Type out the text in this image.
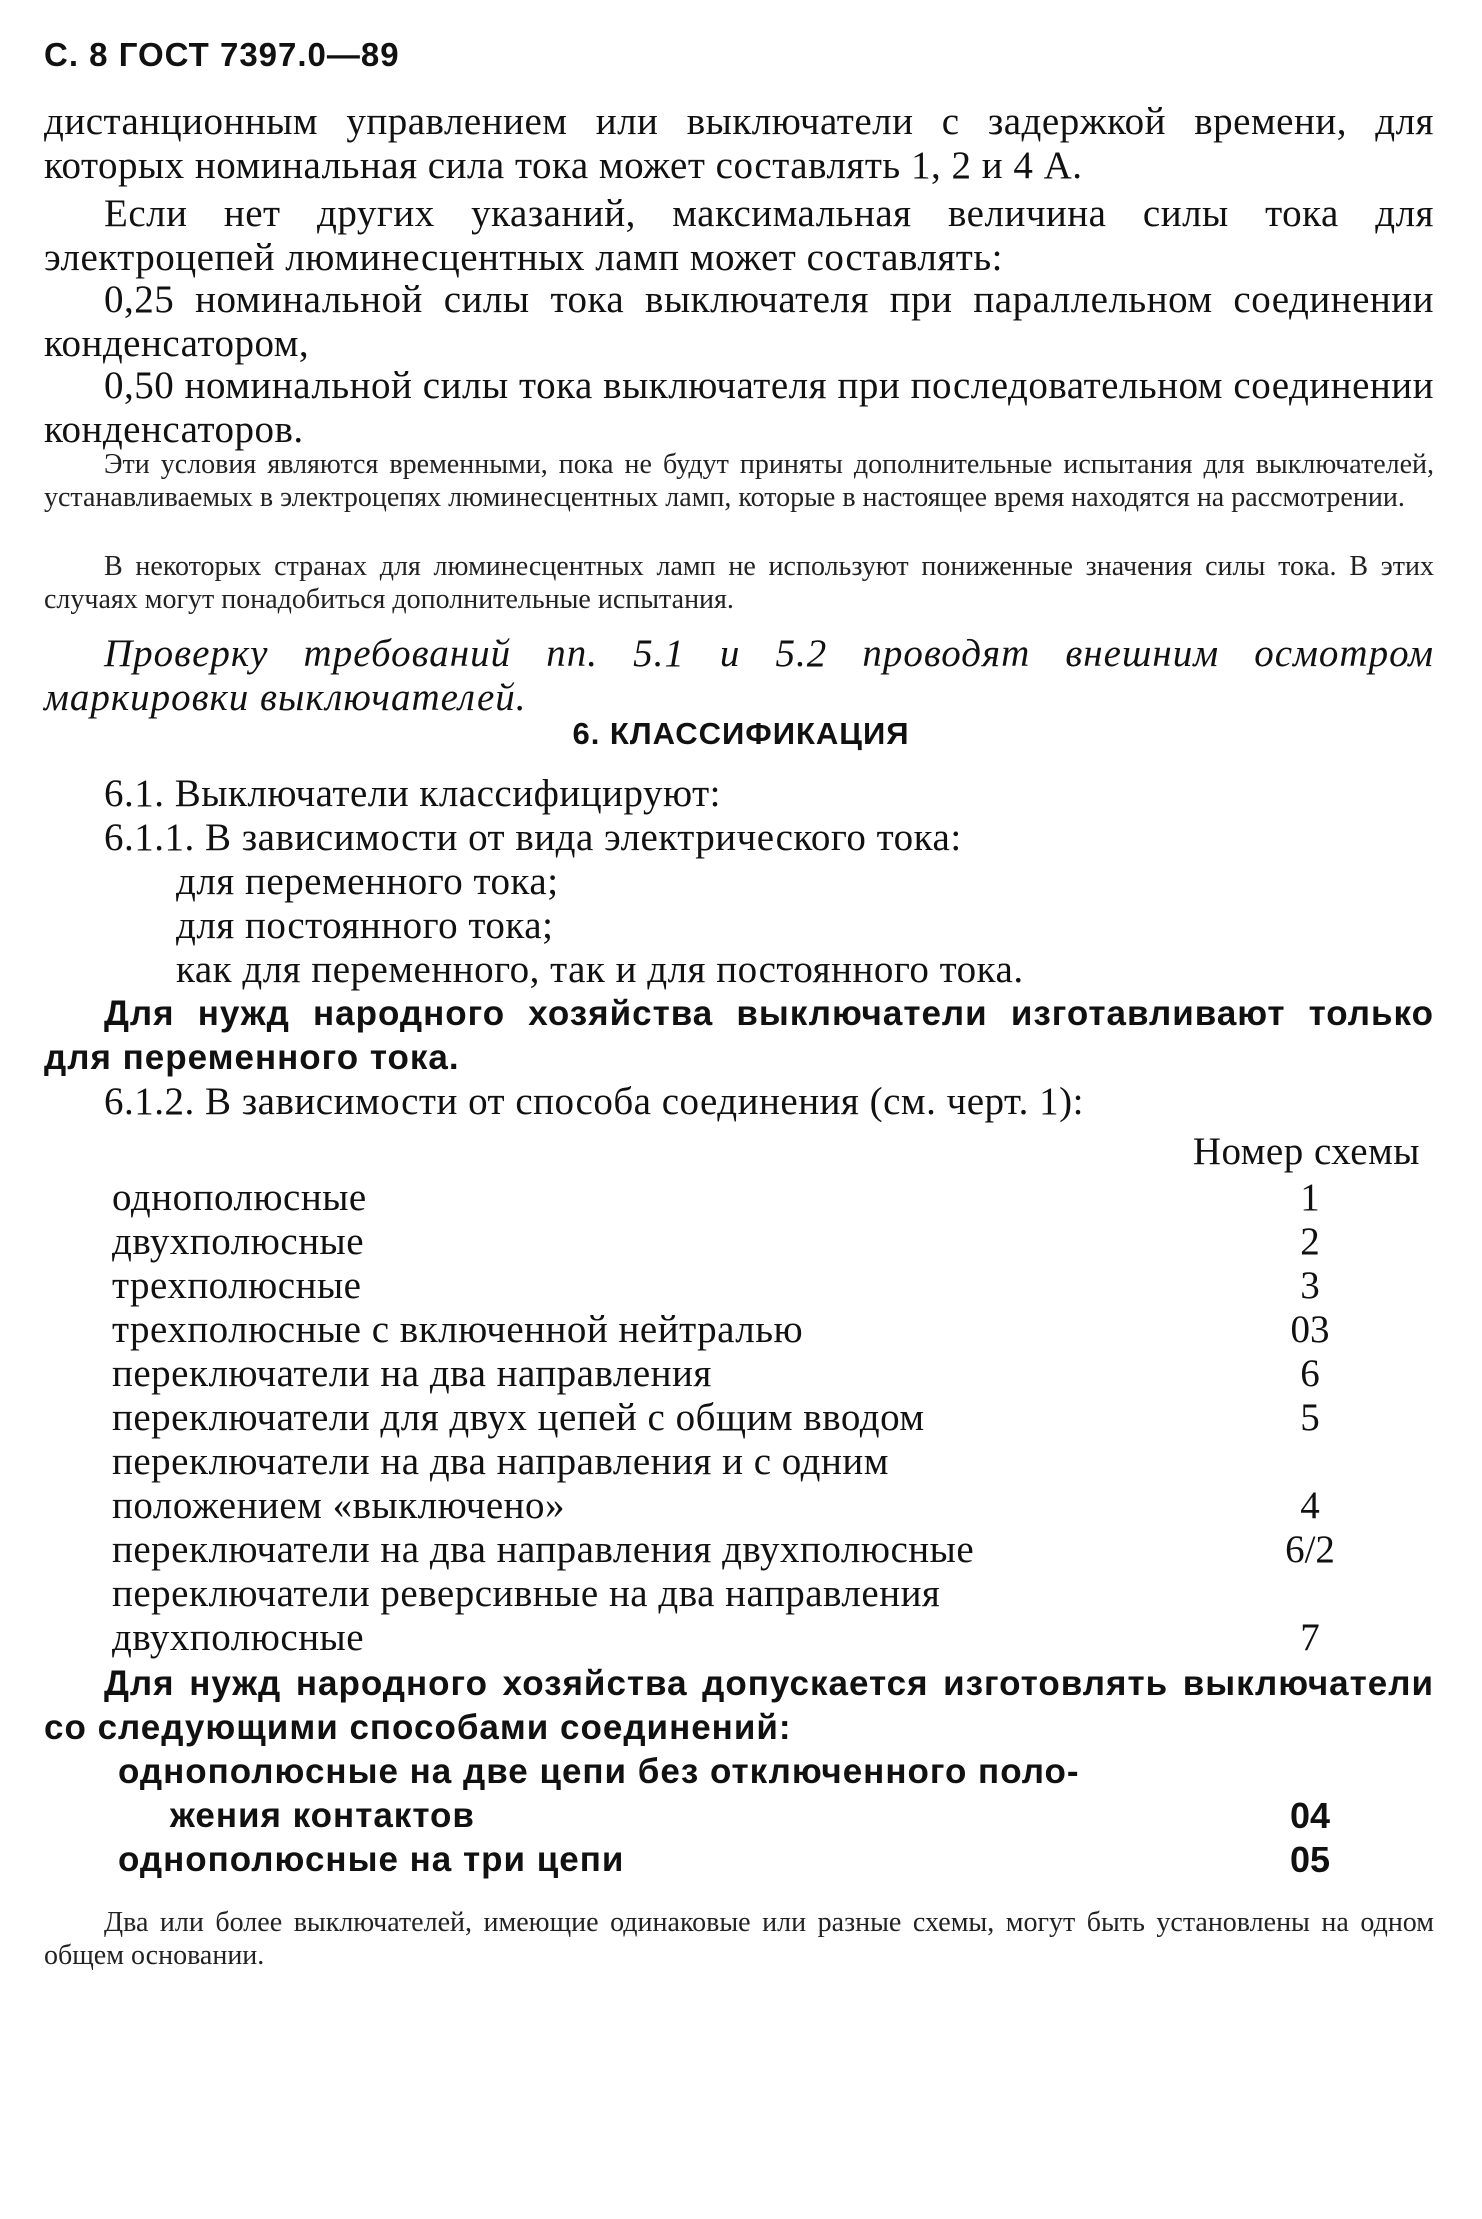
С. 8 ГОСТ 7397.0—89
дистанционным управлением или выключатели с задержкой времени, для которых номинальная сила тока может составлять 1, 2 и 4 А.
Если нет других указаний, максимальная величина силы тока для электроцепей люминесцентных ламп может составлять:
0,25 номинальной силы тока выключателя при параллельном соединении конденсатором,
0,50 номинальной силы тока выключателя при последовательном соединении конденсаторов.
Эти условия являются временными, пока не будут приняты дополнительные испытания для выключателей, устанавливаемых в электроцепях люминесцентных ламп, которые в настоящее время находятся на рассмотрении.
В некоторых странах для люминесцентных ламп не используют пониженные значения силы тока. В этих случаях могут понадобиться дополнительные испытания.
Проверку требований пп. 5.1 и 5.2 проводят внешним осмотром маркировки выключателей.
6. КЛАССИФИКАЦИЯ
6.1. Выключатели классифицируют:
6.1.1. В зависимости от вида электрического тока:
для переменного тока;
для постоянного тока;
как для переменного, так и для постоянного тока.
Для нужд народного хозяйства выключатели изготавливают только для переменного тока.
6.1.2. В зависимости от способа соединения (см. черт. 1):
Номер схемы
однополюсные	1
двухполюсные	2
трехполюсные	3
трехполюсные с включенной нейтралью	03
переключатели на два направления	6
переключатели для двух цепей с общим вводом	5
переключатели на два направления и с одним
положением «выключено»	4
переключатели на два направления двухполюсные	6/2
переключатели реверсивные на два направления
двухполюсные	7
Для нужд народного хозяйства допускается изготовлять выключатели со следующими способами соединений:
однополюсные на две цепи без отключенного поло-
жения контактов	04
однополюсные на три цепи	05
Два или более выключателей, имеющие одинаковые или разные схемы, могут быть установлены на одном общем основании.
